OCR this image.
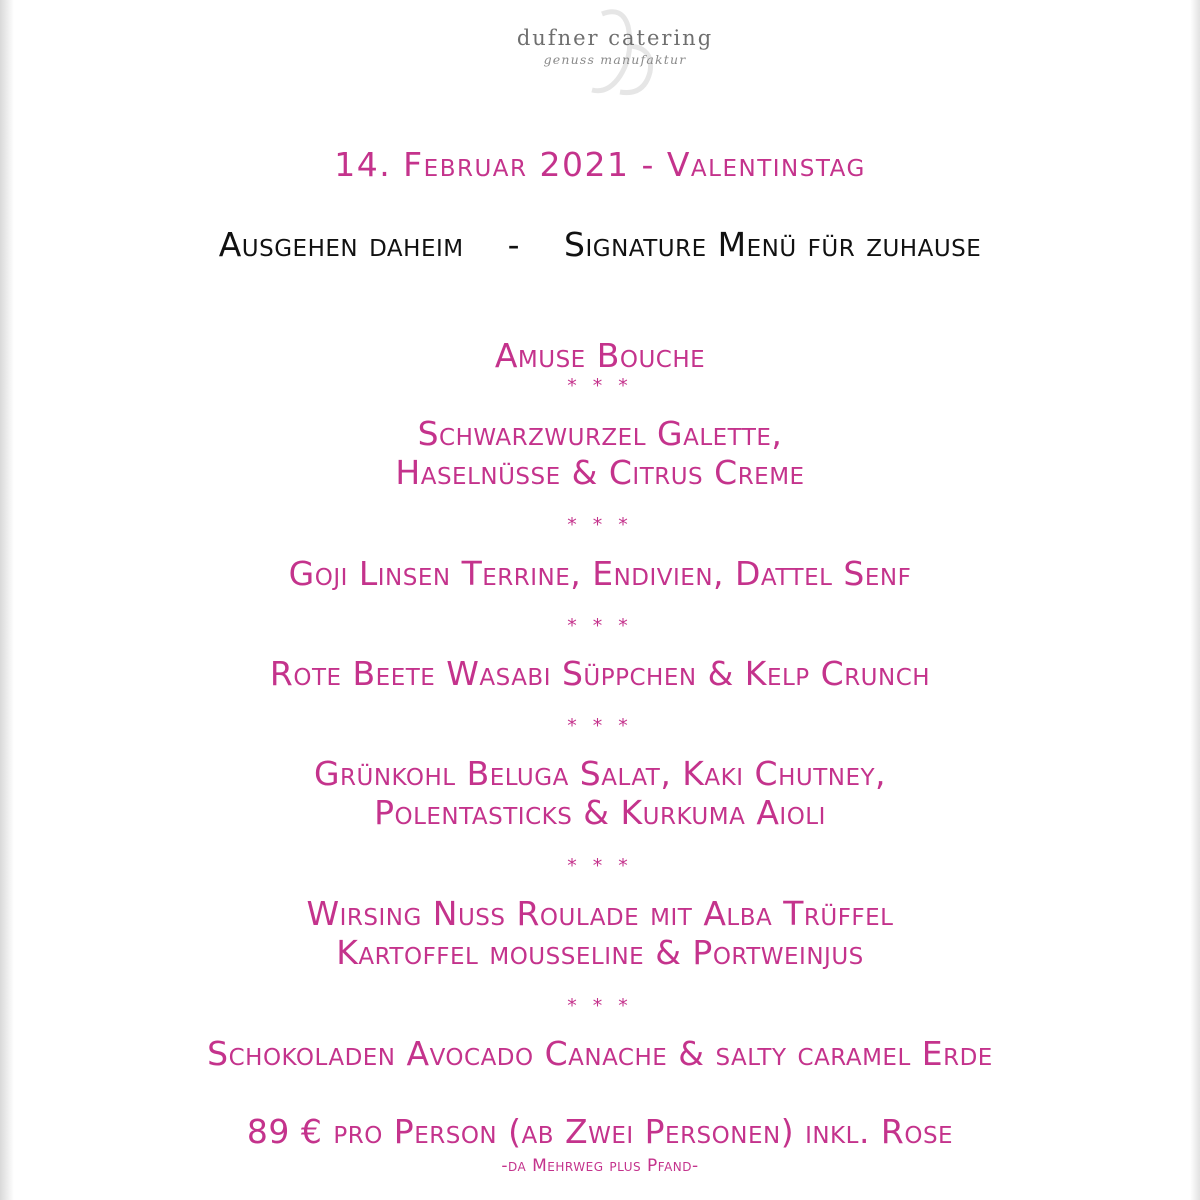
dufner catering
genuss manufaktur
14. Februar 2021 - Valentinstag
Ausgehen daheim - Signature Menü für zuhause
Amuse Bouche
* * *
Schwarzwurzel Galette,
Haselnüsse & Citrus Creme
* * *
Goji Linsen Terrine, Endivien, Dattel Senf
* * *
Rote Beete Wasabi Süppchen & Kelp Crunch
* * *
Grünkohl Beluga Salat, Kaki Chutney,
Polentasticks & Kurkuma Aioli
* * *
Wirsing Nuss Roulade mit Alba Trüffel
Kartoffel mousseline & Portweinjus
* * *
Schokoladen Avocado Canache & salty caramel Erde
89 € pro Person (ab Zwei Personen) inkl. Rose
-da Mehrweg plus Pfand-
